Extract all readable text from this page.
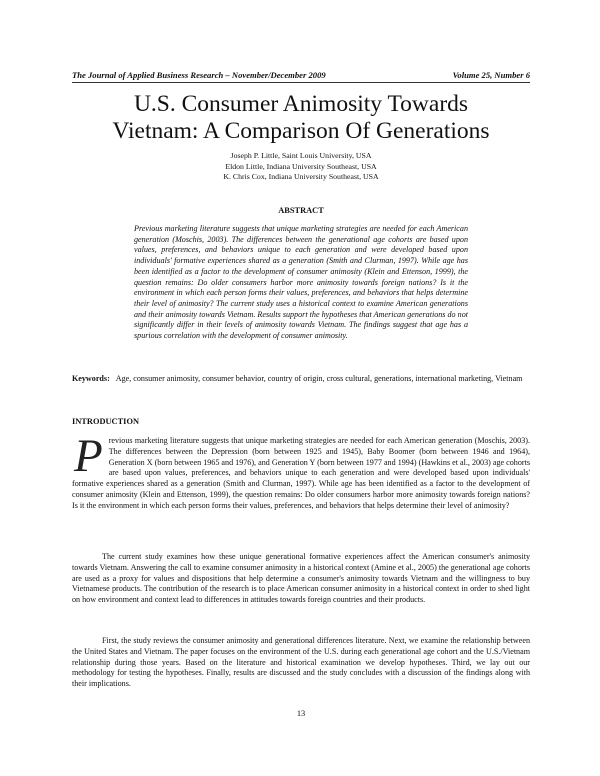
The Journal of Applied Business Research – November/December 2009	Volume 25, Number 6
U.S. Consumer Animosity Towards
Vietnam: A Comparison Of Generations
Joseph P. Little, Saint Louis University, USA
Eldon Little, Indiana University Southeast, USA
K. Chris Cox, Indiana University Southeast, USA
ABSTRACT
Previous marketing literature suggests that unique marketing strategies are needed for each American generation (Moschis, 2003). The differences between the generational age cohorts are based upon values, preferences, and behaviors unique to each generation and were developed based upon individuals' formative experiences shared as a generation (Smith and Clurman, 1997). While age has been identified as a factor to the development of consumer animosity (Klein and Ettenson, 1999), the question remains: Do older consumers harbor more animosity towards foreign nations? Is it the environment in which each person forms their values, preferences, and behaviors that helps determine their level of animosity? The current study uses a historical context to examine American generations and their animosity towards Vietnam. Results support the hypotheses that American generations do not significantly differ in their levels of animosity towards Vietnam. The findings suggest that age has a spurious correlation with the development of consumer animosity.
Keywords: Age, consumer animosity, consumer behavior, country of origin, cross cultural, generations, international marketing, Vietnam
INTRODUCTION
Previous marketing literature suggests that unique marketing strategies are needed for each American generation (Moschis, 2003). The differences between the Depression (born between 1925 and 1945), Baby Boomer (born between 1946 and 1964), Generation X (born between 1965 and 1976), and Generation Y (born between 1977 and 1994) (Hawkins et al., 2003) age cohorts are based upon values, preferences, and behaviors unique to each generation and were developed based upon individuals' formative experiences shared as a generation (Smith and Clurman, 1997). While age has been identified as a factor to the development of consumer animosity (Klein and Ettenson, 1999), the question remains: Do older consumers harbor more animosity towards foreign nations? Is it the environment in which each person forms their values, preferences, and behaviors that helps determine their level of animosity?
The current study examines how these unique generational formative experiences affect the American consumer's animosity towards Vietnam. Answering the call to examine consumer animosity in a historical context (Amine et al., 2005) the generational age cohorts are used as a proxy for values and dispositions that help determine a consumer's animosity towards Vietnam and the willingness to buy Vietnamese products. The contribution of the research is to place American consumer animosity in a historical context in order to shed light on how environment and context lead to differences in attitudes towards foreign countries and their products.
First, the study reviews the consumer animosity and generational differences literature. Next, we examine the relationship between the United States and Vietnam. The paper focuses on the environment of the U.S. during each generational age cohort and the U.S./Vietnam relationship during those years. Based on the literature and historical examination we develop hypotheses. Third, we lay out our methodology for testing the hypotheses. Finally, results are discussed and the study concludes with a discussion of the findings along with their implications.
13
